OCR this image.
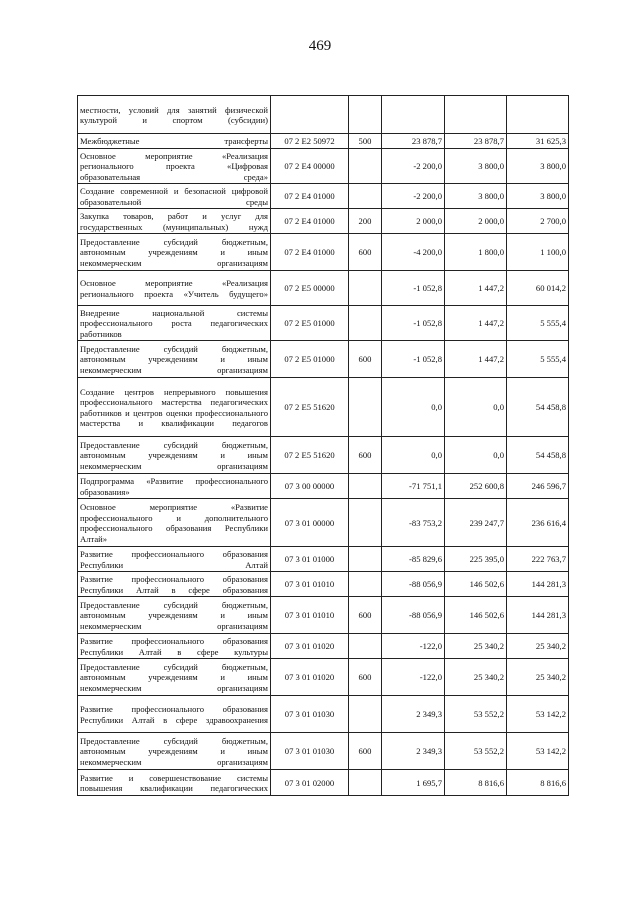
469
местности, условий для занятий физической культурой и спортом (субсидии)					
Межбюджетные трансферты	07 2 E2 50972	500	23 878,7	23 878,7	31 625,3
Основное мероприятие «Реализация регионального проекта «Цифровая образовательная среда»	07 2 E4 00000		-2 200,0	3 800,0	3 800,0
Создание современной и безопасной цифровой образовательной среды	07 2 E4 01000		-2 200,0	3 800,0	3 800,0
Закупка товаров, работ и услуг для государственных (муниципальных) нужд	07 2 E4 01000	200	2 000,0	2 000,0	2 700,0
Предоставление субсидий бюджетным, автономным учреждениям и иным некоммерческим организациям	07 2 E4 01000	600	-4 200,0	1 800,0	1 100,0
Основное мероприятие «Реализация регионального проекта «Учитель будущего»	07 2 E5 00000		-1 052,8	1 447,2	60 014,2
Внедрение национальной системы профессионального роста педагогических работников	07 2 E5 01000		-1 052,8	1 447,2	5 555,4
Предоставление субсидий бюджетным, автономным учреждениям и иным некоммерческим организациям	07 2 E5 01000	600	-1 052,8	1 447,2	5 555,4
Создание центров непрерывного повышения профессионального мастерства педагогических работников и центров оценки профессионального мастерства и квалификации педагогов	07 2 E5 51620		0,0	0,0	54 458,8
Предоставление субсидий бюджетным, автономным учреждениям и иным некоммерческим организациям	07 2 E5 51620	600	0,0	0,0	54 458,8
Подпрограмма «Развитие профессионального образования»	07 3 00 00000		-71 751,1	252 600,8	246 596,7
Основное мероприятие «Развитие профессионального и дополнительного профессионального образования Республики Алтай»	07 3 01 00000		-83 753,2	239 247,7	236 616,4
Развитие профессионального образования Республики Алтай	07 3 01 01000		-85 829,6	225 395,0	222 763,7
Развитие профессионального образования Республики Алтай в сфере образования	07 3 01 01010		-88 056,9	146 502,6	144 281,3
Предоставление субсидий бюджетным, автономным учреждениям и иным некоммерческим организациям	07 3 01 01010	600	-88 056,9	146 502,6	144 281,3
Развитие профессионального образования Республики Алтай в сфере культуры	07 3 01 01020		-122,0	25 340,2	25 340,2
Предоставление субсидий бюджетным, автономным учреждениям и иным некоммерческим организациям	07 3 01 01020	600	-122,0	25 340,2	25 340,2
Развитие профессионального образования Республики Алтай в сфере здравоохранения	07 3 01 01030		2 349,3	53 552,2	53 142,2
Предоставление субсидий бюджетным, автономным учреждениям и иным некоммерческим организациям	07 3 01 01030	600	2 349,3	53 552,2	53 142,2
Развитие и совершенствование системы повышения квалификации педагогических	07 3 01 02000		1 695,7	8 816,6	8 816,6
